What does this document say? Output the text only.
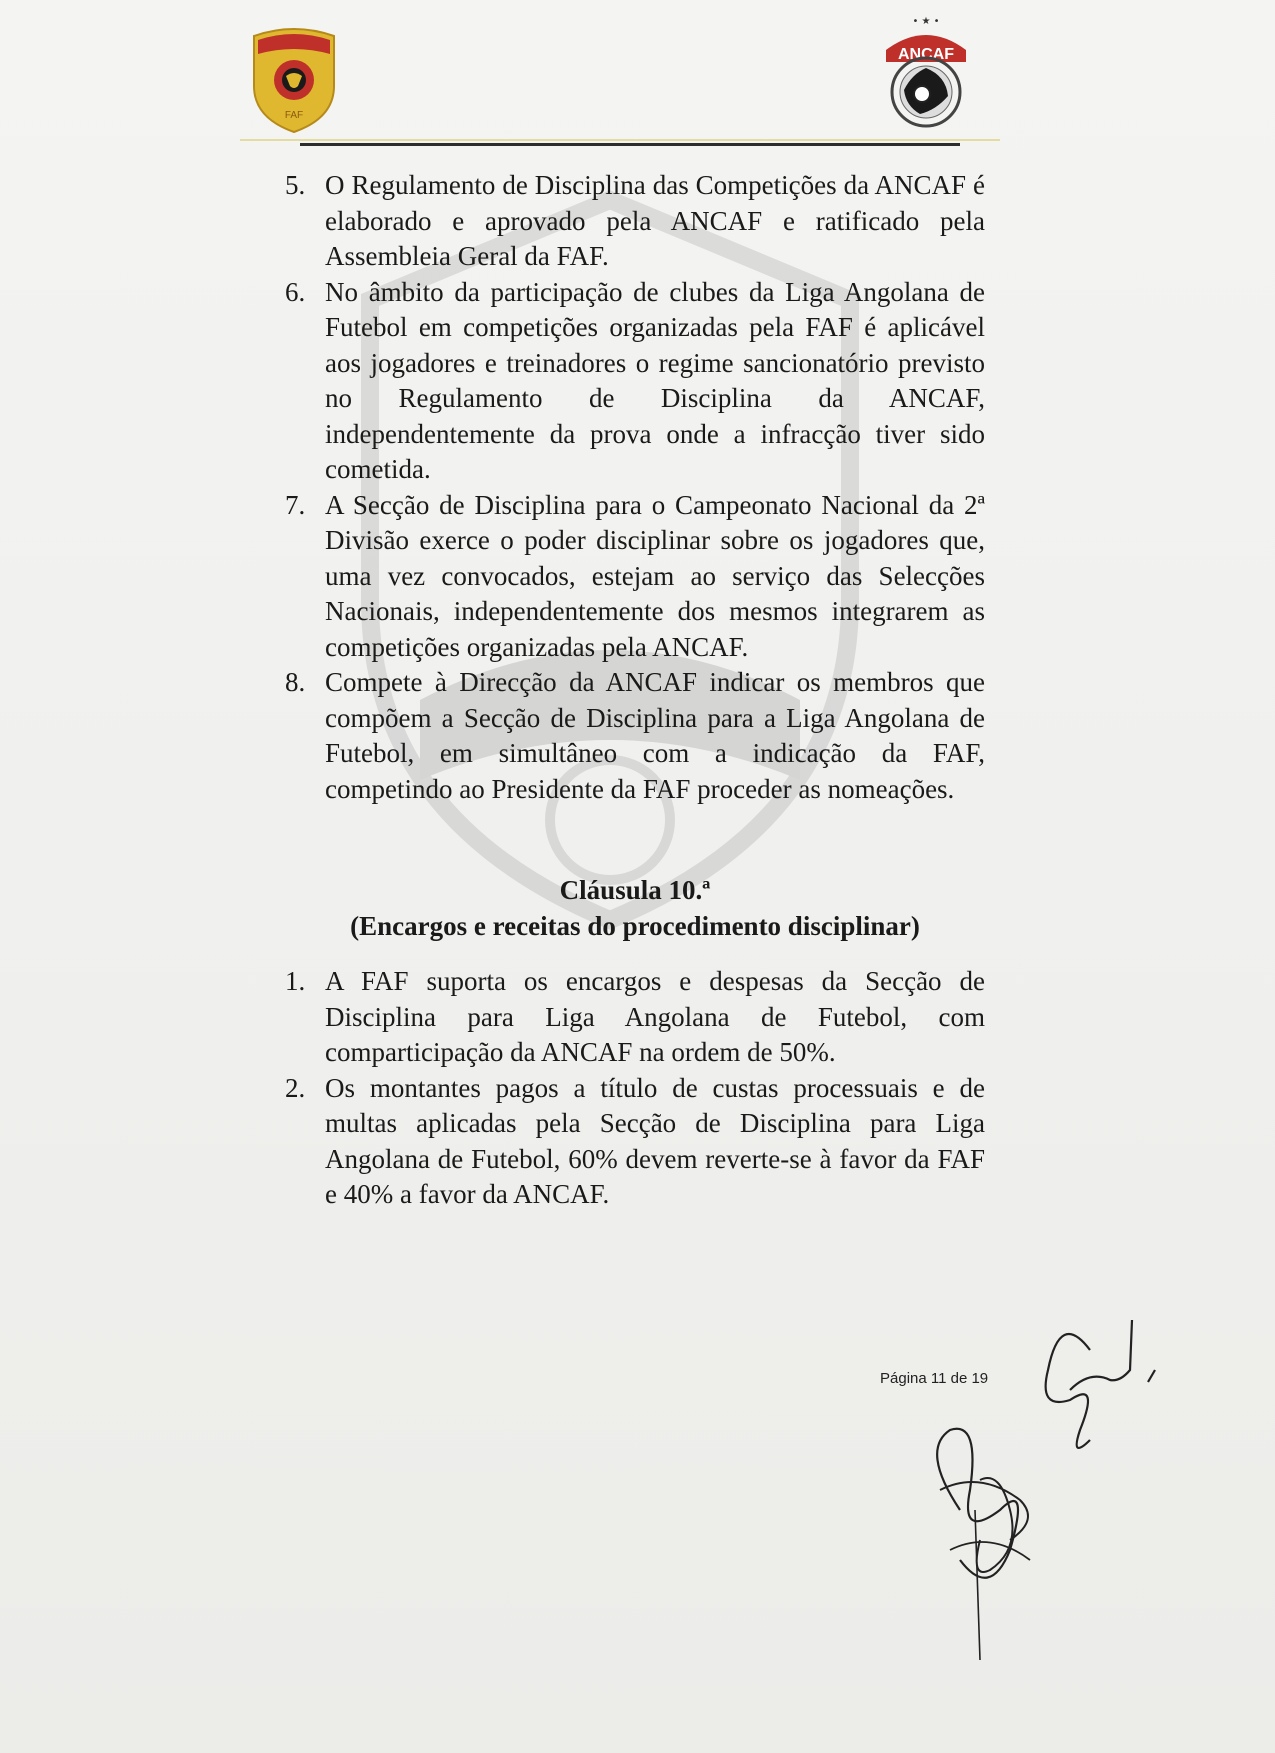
FAF
• ★ •
ANCAF
5. O Regulamento de Disciplina das Competições da ANCAF é elaborado e aprovado pela ANCAF e ratificado pela Assembleia Geral da FAF.
6. No âmbito da participação de clubes da Liga Angolana de Futebol em competições organizadas pela FAF é aplicável aos jogadores e treinadores o regime sancionatório previsto no Regulamento de Disciplina da ANCAF, independentemente da prova onde a infracção tiver sido cometida.
7. A Secção de Disciplina para o Campeonato Nacional da 2ª Divisão exerce o poder disciplinar sobre os jogadores que, uma vez convocados, estejam ao serviço das Selecções Nacionais, independentemente dos mesmos integrarem as competições organizadas pela ANCAF.
8. Compete à Direcção da ANCAF indicar os membros que compõem a Secção de Disciplina para a Liga Angolana de Futebol, em simultâneo com a indicação da FAF, competindo ao Presidente da FAF proceder as nomeações.

Cláusula 10.ª

(Encargos e receitas do procedimento disciplinar)

1. A FAF suporta os encargos e despesas da Secção de Disciplina para Liga Angolana de Futebol, com comparticipação da ANCAF na ordem de 50%.
2. Os montantes pagos a título de custas processuais e de multas aplicadas pela Secção de Disciplina para Liga Angolana de Futebol, 60% devem reverte-se à favor da FAF e 40% a favor da ANCAF.
Página 11 de 19
